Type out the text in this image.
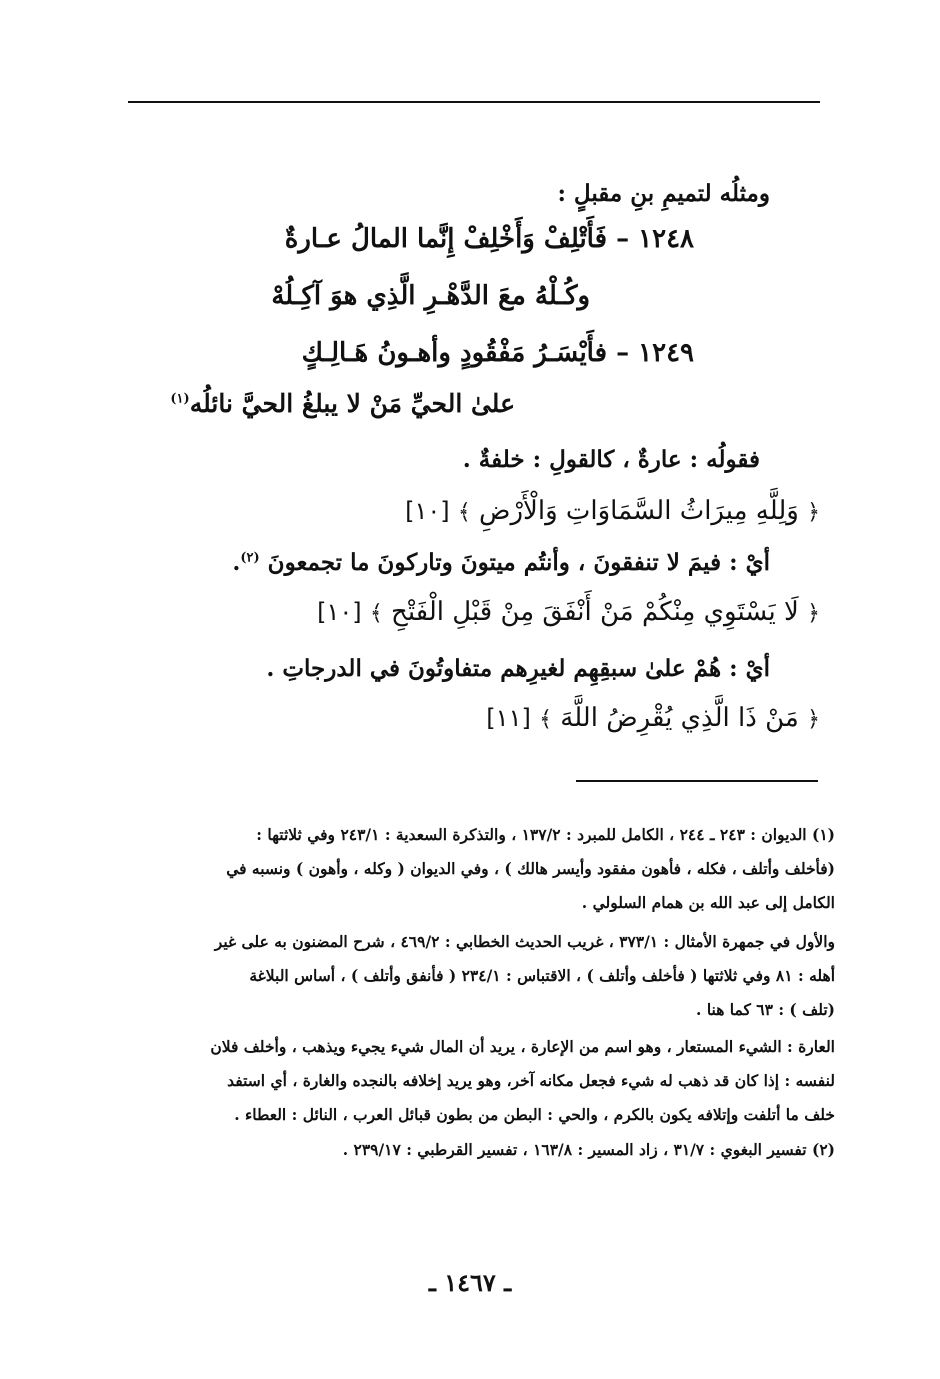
ومثلُه لتميمِ بنِ مقبلٍ :
١٢٤٨ – فَأَتْلِفْ وَأَخْلِفْ إِنَّما المالُ عـارةٌ
وكُـلْهُ معَ الدَّهْـرِ الَّذِي هوَ آكِـلُهْ
١٢٤٩ – فأَيْسَـرُ مَفْقُودٍ وأهـونُ هَـالِـكٍ
علىٰ الحيِّ مَنْ لا يبلغُ الحيَّ نائلُه$^{(١)}$
فقولُه : عارةٌ ، كالقولِ : خلفةٌ .
﴿ وَلِلَّهِ مِيرَاثُ السَّمَاوَاتِ وَالْأَرْضِ ﴾ [١٠]
أيْ : فيمَ لا تنفقونَ ، وأنتُم ميتونَ وتاركونَ ما تجمعونَ $^{(٢)}$.
﴿ لَا يَسْتَوِي مِنْكُمْ مَنْ أَنْفَقَ مِنْ قَبْلِ الْفَتْحِ ﴾ [١٠]
أيْ : هُمْ علىٰ سبقِهِم لغيرِهم متفاوتُونَ في الدرجاتِ .
﴿ مَنْ ذَا الَّذِي يُقْرِضُ اللَّهَ ﴾ [١١]

(١) الديوان : ٢٤٣ ـ ٢٤٤ ، الكامل للمبرد : ١٣٧/٢ ، والتذكرة السعدية : ٢٤٣/١ وفي ثلاثتها :

(فأخلف وأتلف ، فكله ، فأهون مفقود وأيسر هالك ) ، وفي الديوان ( وكله ، وأهون ) ونسبه في

الكامل إلى عبد الله بن همام السلولي .

والأول في جمهرة الأمثال : ٣٧٣/١ ، غريب الحديث الخطابي : ٤٦٩/٢ ، شرح المضنون به على غير

أهله : ٨١ وفي ثلاثتها ( فأخلف وأتلف ) ، الاقتباس : ٢٣٤/١ ( فأنفق وأتلف ) ، أساس البلاغة

(تلف ) : ٦٣ كما هنا .

العارة : الشيء المستعار ، وهو اسم من الإعارة ، يريد أن المال شيء يجيء ويذهب ، وأخلف فلان

لنفسه : إذا كان قد ذهب له شيء فجعل مكانه آخر، وهو يريد إخلافه بالنجده والغارة ، أي استفد

خلف ما أتلفت وإتلافه يكون بالكرم ، والحي : البطن من بطون قبائل العرب ، النائل : العطاء .

(٢) تفسير البغوي : ٣١/٧ ، زاد المسير : ١٦٣/٨ ، تفسير القرطبي : ٢٣٩/١٧ .

ـ ١٤٦٧ ـ
